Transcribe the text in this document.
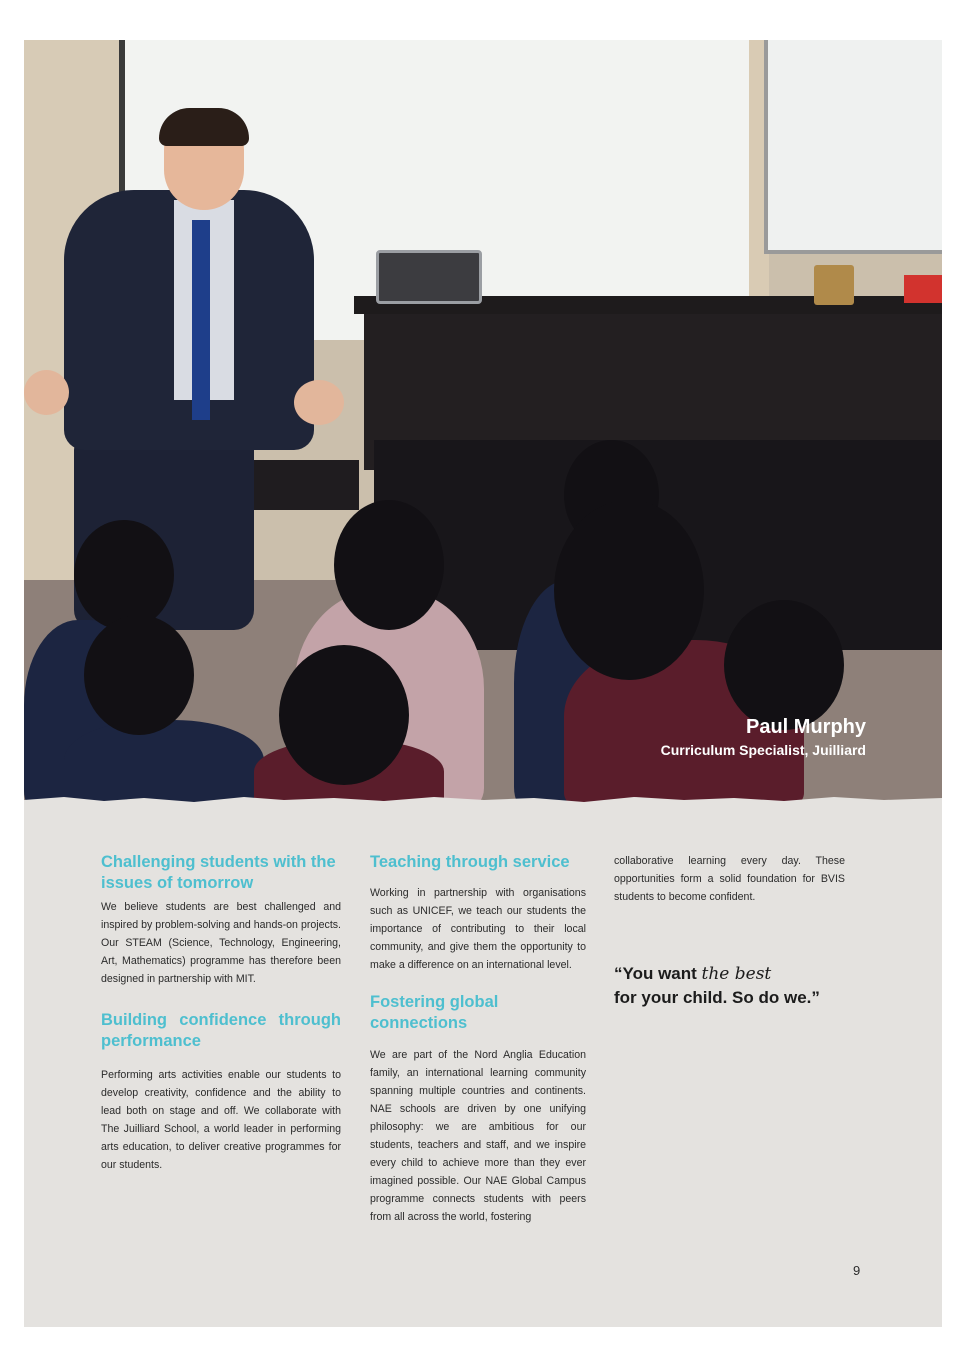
Paul Murphy
Curriculum Specialist, Juilliard
Challenging students with the issues of tomorrow

We believe students are best challenged and inspired by problem-solving and hands-on projects. Our STEAM (Science, Technology, Engineering, Art, Mathematics) programme has therefore been designed in partnership with MIT.

Building confidence through
performance

Performing arts activities enable our students to develop creativity, confidence and the ability to lead both on stage and off. We collaborate with The Juilliard School, a world leader in performing arts education, to deliver creative programmes for our students.

Teaching through service

Working in partnership with organisations such as UNICEF, we teach our students the importance of contributing to their local community, and give them the opportunity to make a difference on an international level.

Fostering global connections

We are part of the Nord Anglia Education family, an international learning community spanning multiple countries and continents. NAE schools are driven by one unifying philosophy: we are ambitious for our students, teachers and staff, and we inspire every child to achieve more than they ever imagined possible. Our NAE Global Campus programme connects students with peers from all across the world, fostering

collaborative learning every day. These opportunities form a solid foundation for BVIS students to become confident.

“You want the best
for your child. So do we.”
9
